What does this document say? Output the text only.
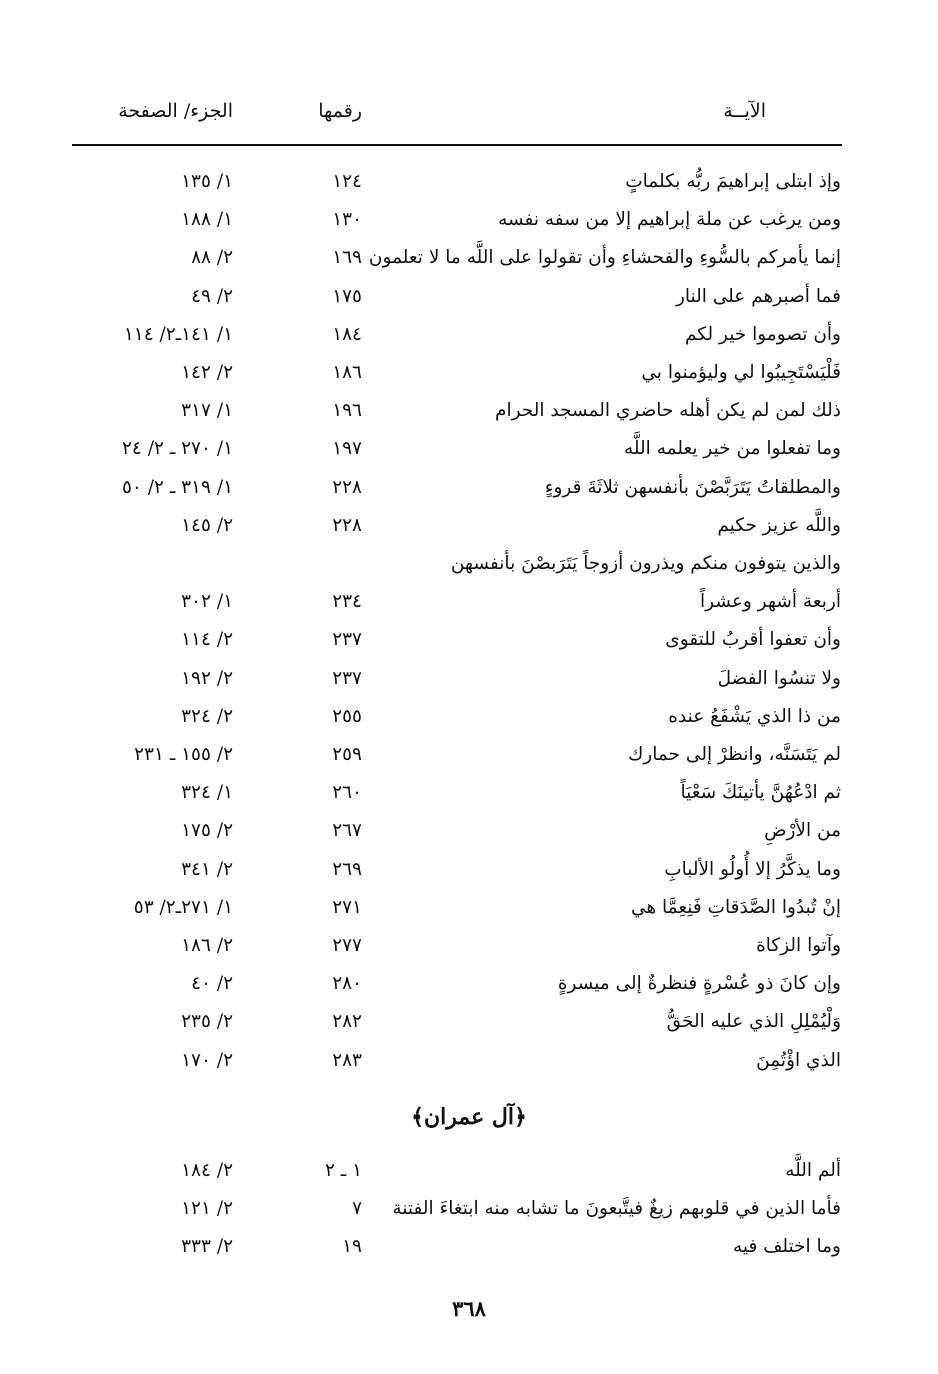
الآيــة
رقمها
الجزء/ الصفحة
وإذ ابتلى إبراهيمَ ربُّه بكلماتٍ
١٢٤
١/ ١٣٥
ومن يرغب عن ملة إبراهيم إلا من سفه نفسه
١٣٠
١/ ١٨٨
إنما يأمركم بالسُّوءِ والفحشاءِ وأن تقولوا على اللَّه ما لا تعلمون
١٦٩
٢/ ٨٨
فما أصبرهم على النار
١٧٥
٢/ ٤٩
وأن تصوموا خير لكم
١٨٤
١/ ١٤١ـ٢/ ١١٤
فَلْيَسْتَجِيبُوا لي وليؤمنوا بي
١٨٦
٢/ ١٤٢
ذلك لمن لم يكن أهله حاضري المسجد الحرام
١٩٦
١/ ٣١٧
وما تفعلوا من خير يعلمه اللَّه
١٩٧
١/ ٢٧٠ ـ ٢/ ٢٤
والمطلقاتُ يَتَرَبَّصْنَ بأنفسهن ثلاثَةَ قروءٍ
٢٢٨
١/ ٣١٩ ـ ٢/ ٥٠
واللَّه عزيز حكيم
٢٢٨
٢/ ١٤٥
والذين يتوفون منكم ويذرون أزوجاً يَتَرَبصْنَ بأنفسهن
أربعة أشهر وعشراً
٢٣٤
١/ ٣٠٢
وأن تعفوا أقربُ للتقوى
٢٣٧
٢/ ١١٤
ولا تنسُوا الفضلَ
٢٣٧
٢/ ١٩٢
من ذا الذي يَشْفَعُ عنده
٢٥٥
٢/ ٣٢٤
لم يَتَسَنَّه، وانظرْ إلى حمارك
٢٥٩
٢/ ١٥٥ ـ ٢٣١
ثم ادْعُهُنَّ يأتينَكَ سَعْيَاً
٢٦٠
١/ ٣٢٤
من الأرْضِ
٢٦٧
٢/ ١٧٥
وما يذكَّرُ إلا أُولُو الألبابِ
٢٦٩
٢/ ٣٤١
إنْ تُبدُوا الصَّدَقاتِ فَنِعِمَّا هي
٢٧١
١/ ٢٧١ـ٢/ ٥٣
وآتوا الزكاة
٢٧٧
٢/ ١٨٦
وإن كانَ ذو عُسْرةٍ فنظرةٌ إلى ميسرةٍ
٢٨٠
٢/ ٤٠
وَلْيُمْلِلِ الذي عليه الحَقُّ
٢٨٢
٢/ ٢٣٥
الذي اؤْتُمِنَ
٢٨٣
٢/ ١٧٠
﴿آل عمران﴾
ألم اللَّه
١ ـ ٢
٢/ ١٨٤
فأما الذين في قلوبهم زيغٌ فيتَّبعونَ ما تشابه منه ابتغاءَ الفتنة
٧
٢/ ١٢١
وما اختلف فيه
١٩
٢/ ٣٣٣
٣٦٨
